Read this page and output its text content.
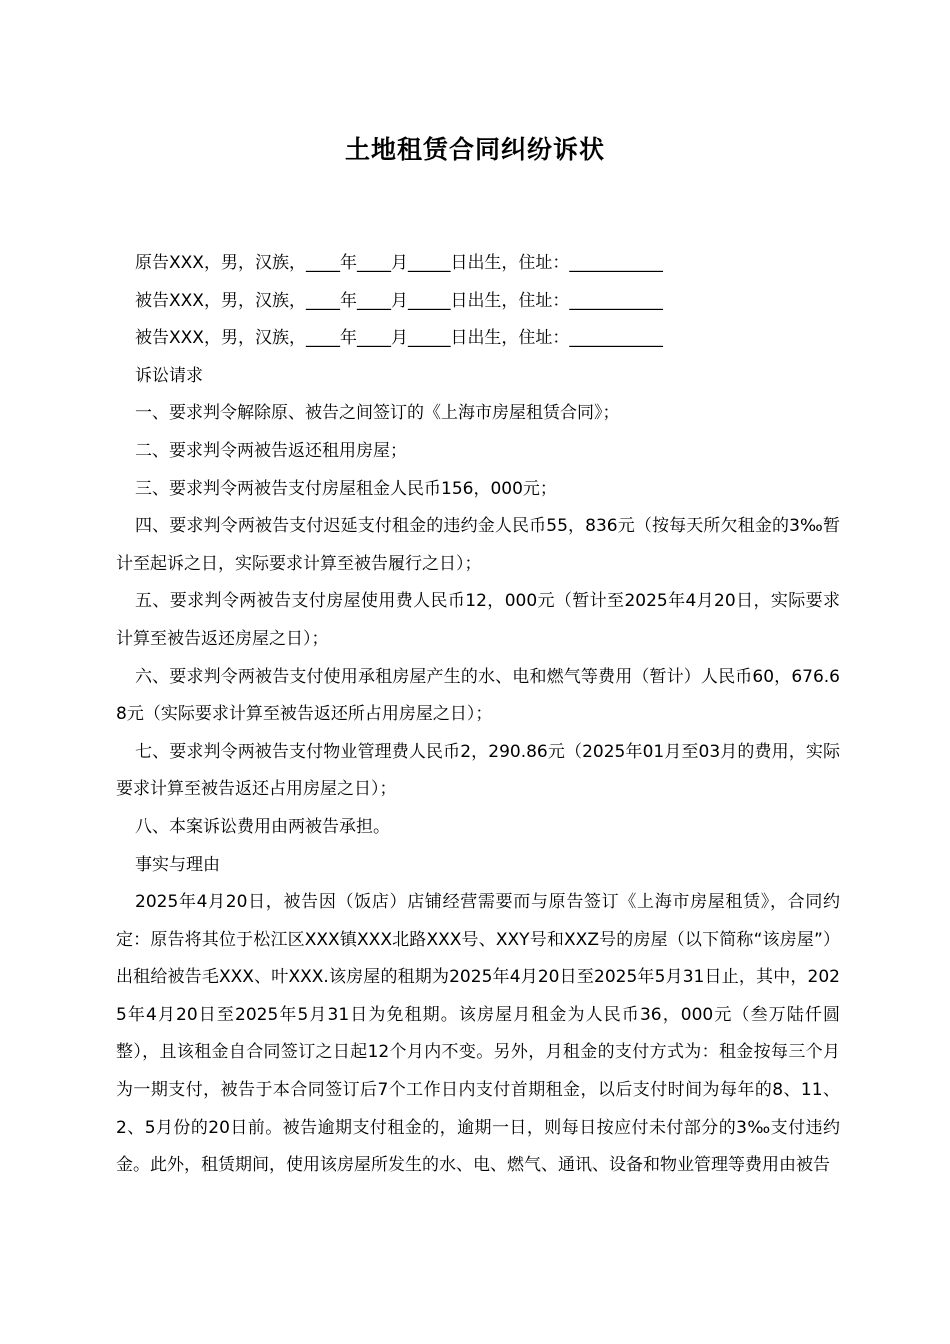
土地租赁合同纠纷诉状

原告XXX，男，汉族，____年____月_____日出生，住址：___________

被告XXX，男，汉族，____年____月_____日出生，住址：___________

被告XXX，男，汉族，____年____月_____日出生，住址：___________

诉讼请求

一、要求判令解除原、被告之间签订的《上海市房屋租赁合同》；

二、要求判令两被告返还租用房屋；

三、要求判令两被告支付房屋租金人民币156，000元；

四、要求判令两被告支付迟延支付租金的违约金人民币55，836元（按每天所欠租金的3‰暂计至起诉之日，实际要求计算至被告履行之日）；

五、要求判令两被告支付房屋使用费人民币12，000元（暂计至2025年4月20日，实际要求计算至被告返还房屋之日）；

六、要求判令两被告支付使用承租房屋产生的水、电和燃气等费用（暂计）人民币60，676.68元（实际要求计算至被告返还所占用房屋之日）；

七、要求判令两被告支付物业管理费人民币2，290.86元（2025年01月至03月的费用，实际要求计算至被告返还占用房屋之日）；

八、本案诉讼费用由两被告承担。

事实与理由

2025年4月20日，被告因（饭店）店铺经营需要而与原告签订《上海市房屋租赁》，合同约定：原告将其位于松江区XXX镇XXX北路XXX号、XXY号和XXZ号的房屋（以下简称“该房屋”）出租给被告毛XXX、叶XXX.该房屋的租期为2025年4月20日至2025年5月31日止，其中，2025年4月20日至2025年5月31日为免租期。该房屋月租金为人民币36，000元（叁万陆仟圆整），且该租金自合同签订之日起12个月内不变。另外，月租金的支付方式为：租金按每三个月为一期支付，被告于本合同签订后7个工作日内支付首期租金，以后支付时间为每年的8、11、2、5月份的20日前。被告逾期支付租金的，逾期一日，则每日按应付未付部分的3‰支付违约金。此外，租赁期间，使用该房屋所发生的水、电、燃气、通讯、设备和物业管理等费用由被告
